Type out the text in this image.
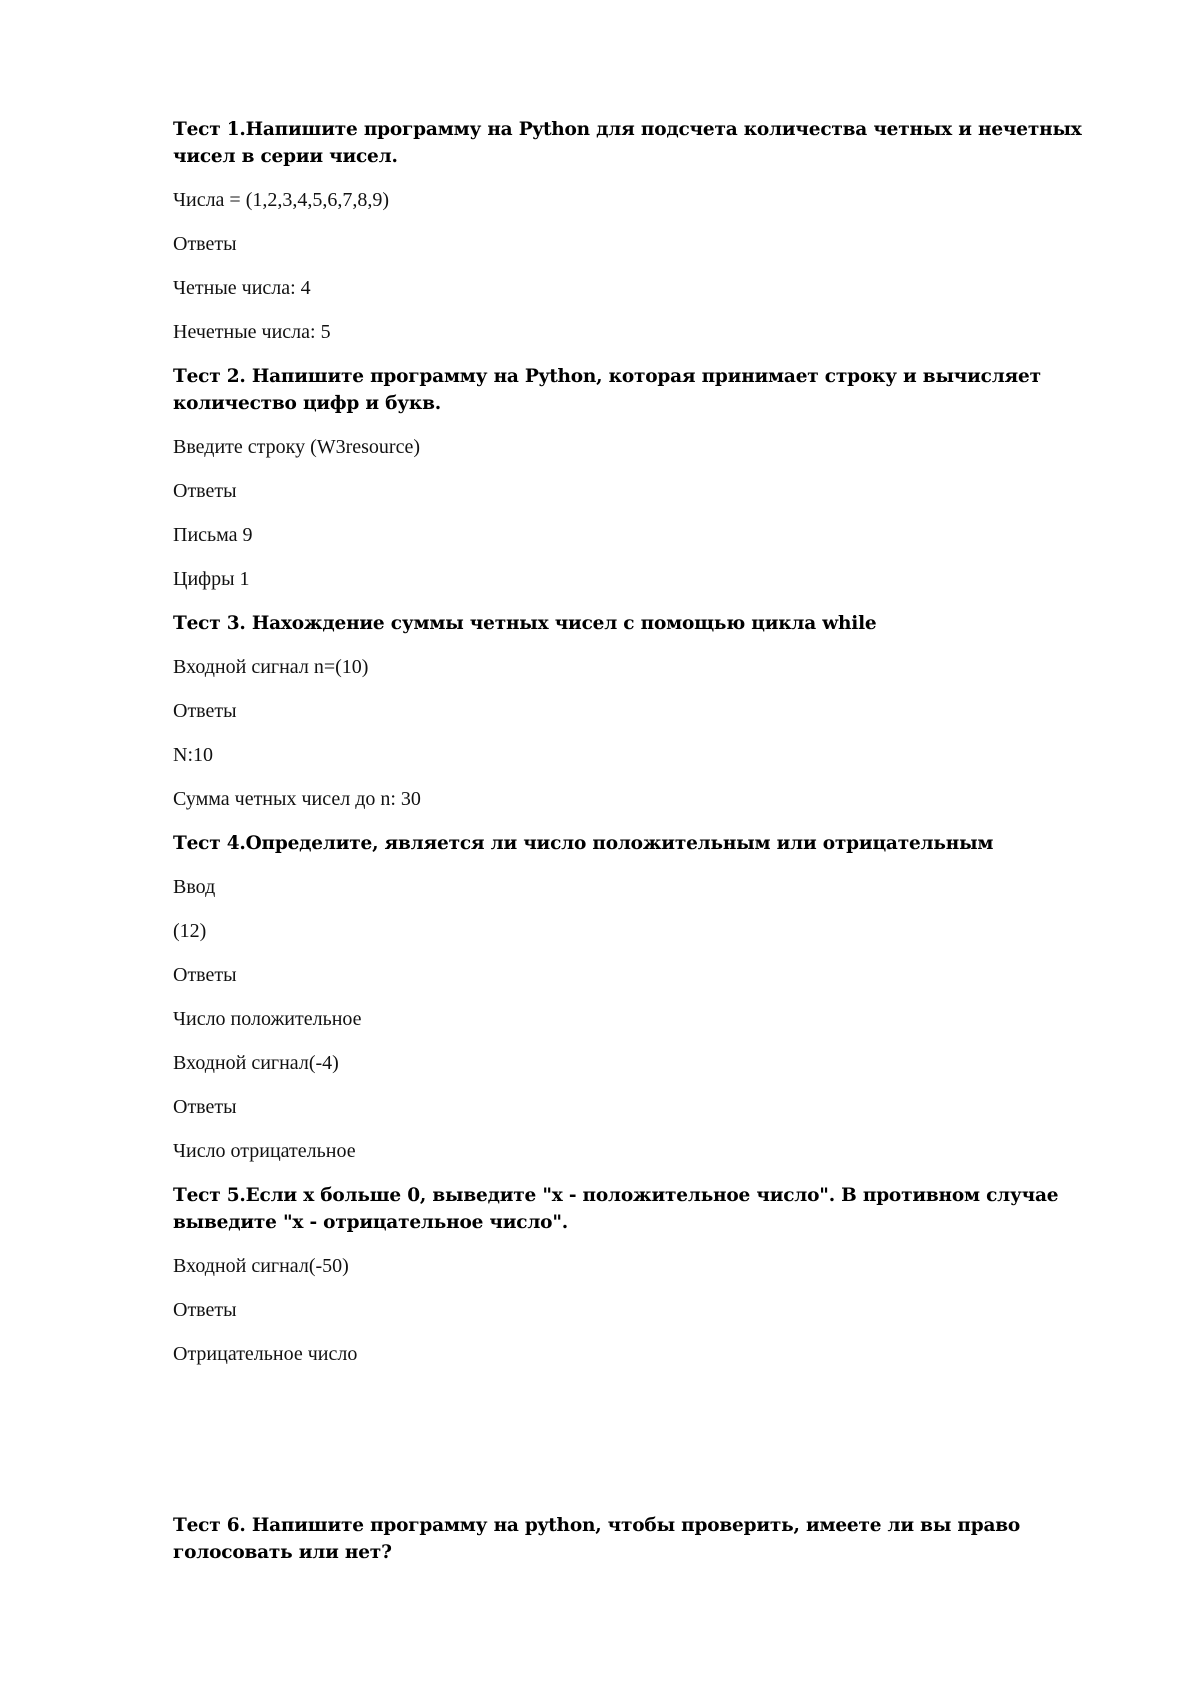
Тест 1.Напишите программу на Python для подсчета количества четных и нечетных чисел в серии чисел.

Числа = (1,2,3,4,5,6,7,8,9)

Ответы

Четные числа: 4

Нечетные числа: 5

Тест 2. Напишите программу на Python, которая принимает строку и вычисляет количество цифр и букв.

Введите строку (W3resource)

Ответы

Письма 9

Цифры 1

Тест 3. Нахождение суммы четных чисел с помощью цикла while

Входной сигнал n=(10)

Ответы

N:10

Сумма четных чисел до n: 30

Тест 4.Определите, является ли число положительным или отрицательным

Ввод

(12)

Ответы

Число положительное

Входной сигнал(-4)

Ответы

Число отрицательное

Тест 5.Если x больше 0, выведите "x - положительное число". В противном случае выведите "x - отрицательное число".

Входной сигнал(-50)

Ответы

Отрицательное число

Тест 6. Напишите программу на python, чтобы проверить, имеете ли вы право голосовать или нет?
